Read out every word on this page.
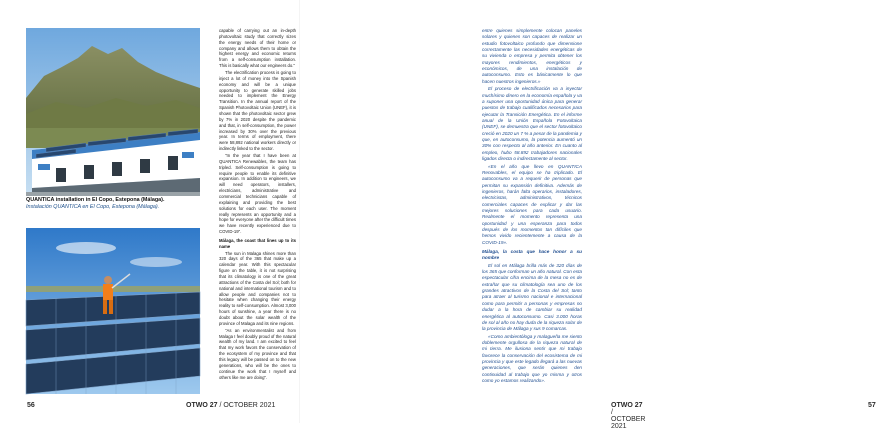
QUANTICA installation in El Copo, Estepona (Málaga).
Instalación QUANTICA en El Copo, Estepona (Málaga).
56	OTWO 27 / OCTOBER 2021

capable of carrying out an in-depth photovoltaic study that correctly sizes the energy needs of their home or company and allows them to obtain the highest energy and economic returns from a self-consumption installation. This is basically what our engineers do."

The electrification process is going to inject a lot of money into the Spanish economy and will be a unique opportunity to generate skilled jobs needed to implement the Energy Transition. In the annual report of the Spanish Photovoltaic Union (UNEF), it is shown that the photovoltaic sector grew by 7% in 2020 despite the pandemic and that, in self-consumption, the power increased by 30% over the previous year. In terms of employment, there were 58,892 national workers directly or indirectly linked to the sector.

"In the year that I have been at QUANTICA Renewables, the team has tripled. Self-consumption is going to require people to enable its definitive expansion. In addition to engineers, we will need operators, installers, electricians, administrative and commercial technicians capable of explaining and providing the best solutions for each user. The moment really represents an opportunity and a hope for everyone after the difficult times we have recently experienced due to COVID-19".

Málaga, the coast that lines up to its name

The sun in Malaga shines more than 320 days of the 365 that make up a calendar year. With this spectacular figure on the table, it is not surprising that its climatology is one of the great attractions of the Costa del Sol; both for national and international tourism and to allow people and companies not to hesitate when changing their energy reality to self-consumption. Almost 3,000 hours of sunshine, a year there is no doubt about the solar wealth of the province of Malaga and its nine regions.

"As an environmentalist and from Malaga I feel doubly proud of the natural wealth of my land. I am excited to feel that my work favors the conservation of the ecosystem of my province and that this legacy will be passed on to the new generations, who will be the ones to continue the work that I myself and others like me are doing".

OTWO 27 / OCTOBER 2021
57

entre quienes simplemente colocan paneles solares y quienes son capaces de realizar un estudio fotovoltaico profundo que dimensione correctamente las necesidades energéticas de su vivienda o empresa y permita obtener los mayores rendimientos, energéticos y económicos, de una instalación de autoconsumo. Esto es básicamente lo que hacen nuestros ingenieros.»

El proceso de electrificación va a inyectar muchísimo dinero en la economía española y va a suponer una oportunidad única para generar puestos de trabajo cualificados necesarios para ejecutar la Transición Energética. En el informe anual de la Unión Española Fotovoltaica (UNEF), se demuestra que el sector fotovoltaico creció en 2020 un 7 % a pesar de la pandemia y que, en autoconsumo, la potencia aumentó un 30% con respecto al año anterior. En cuanto al empleo, hubo 58.892 trabajadores nacionales ligados directa o indirectamente al sector.

«En el año que llevo en QUANTICA Renovables, el equipo se ha triplicado. El autoconsumo va a requerir de personas que permitan su expansión definitiva. Además de ingenieros, harán falta operarios, instaladores, electricistas, administrativos, técnicos comerciales capaces de explicar y dar las mejores soluciones para cada usuario. Realmente el momento representa una oportunidad y una esperanza para todos después de los momentos tan difíciles que hemos vivido recientemente a causa de la COVID-19».

Málaga, la costa que hace honor a su nombre

El sol en Málaga brilla más de 320 días de los 365 que conforman un año natural. Con esta espectacular cifra encima de la mesa no es de extrañar que su climatología sea uno de los grandes atractivos de la Costa del Sol; tanto para atraer al turismo nacional e internacional como para permitir a personas y empresas no dudar a la hora de cambiar su realidad energética al autoconsumo. Casi 3.000 horas de sol al año no hay duda de la riqueza solar de la provincia de Málaga y sus 9 comarcas.

«Como ambientóloga y malagueña me siento doblemente orgullosa de la riqueza natural de mi tierra. Me ilusiona sentir que mi trabajo favorece la conservación del ecosistema de mi provincia y que este legado llegará a las nuevas generaciones, que serán quienes den continuidad al trabajo que yo misma y otros como yo estamos realizando».
